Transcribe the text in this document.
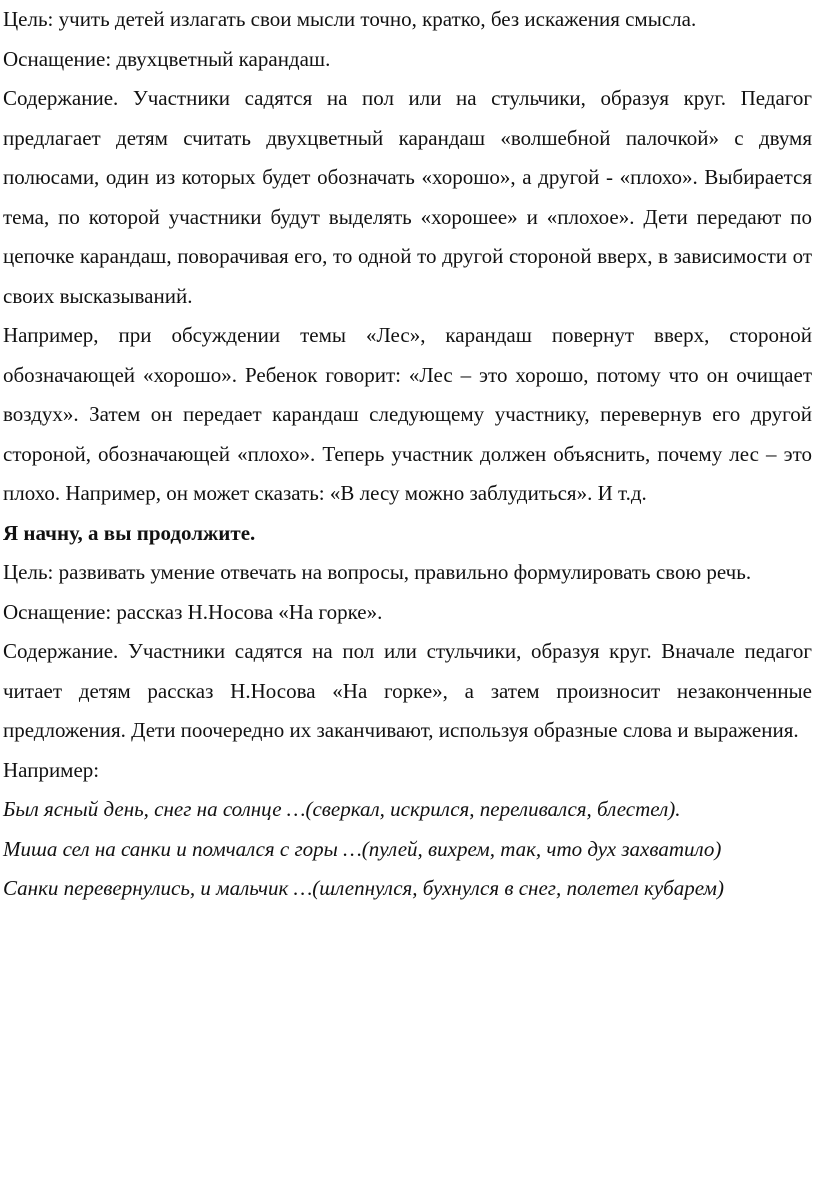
Цель: учить детей излагать свои мысли точно, кратко, без искажения смысла.

Оснащение: двухцветный карандаш.

Содержание. Участники садятся на пол или на стульчики, образуя круг. Педагог предлагает детям считать двухцветный карандаш «волшебной палочкой» с двумя полюсами, один из которых будет обозначать «хорошо», а другой - «плохо». Выбирается тема, по которой участники будут выделять «хорошее» и «плохое». Дети передают по цепочке карандаш, поворачивая его, то одной то другой стороной вверх, в зависимости от своих высказываний.

Например, при обсуждении темы «Лес», карандаш повернут вверх, стороной обозначающей «хорошо». Ребенок говорит: «Лес – это хорошо, потому что он очищает воздух». Затем он передает карандаш следующему участнику, перевернув его другой стороной, обозначающей «плохо». Теперь участник должен объяснить, почему лес – это плохо. Например, он может сказать: «В лесу можно заблудиться». И т.д.

Я начну, а вы продолжите.

Цель: развивать умение отвечать на вопросы, правильно формулировать свою речь.

Оснащение: рассказ Н.Носова «На горке».

Содержание. Участники садятся на пол или стульчики, образуя круг. Вначале педагог читает детям рассказ Н.Носова «На горке», а затем произносит незаконченные предложения. Дети поочередно их заканчивают, используя образные слова и выражения.

Например:

Был ясный день, снег на солнце …(сверкал, искрился, переливался, блестел).

Миша сел на санки и помчался с горы …(пулей, вихрем, так, что дух захватило)

Санки перевернулись, и мальчик …(шлепнулся, бухнулся в снег, полетел кубарем)
